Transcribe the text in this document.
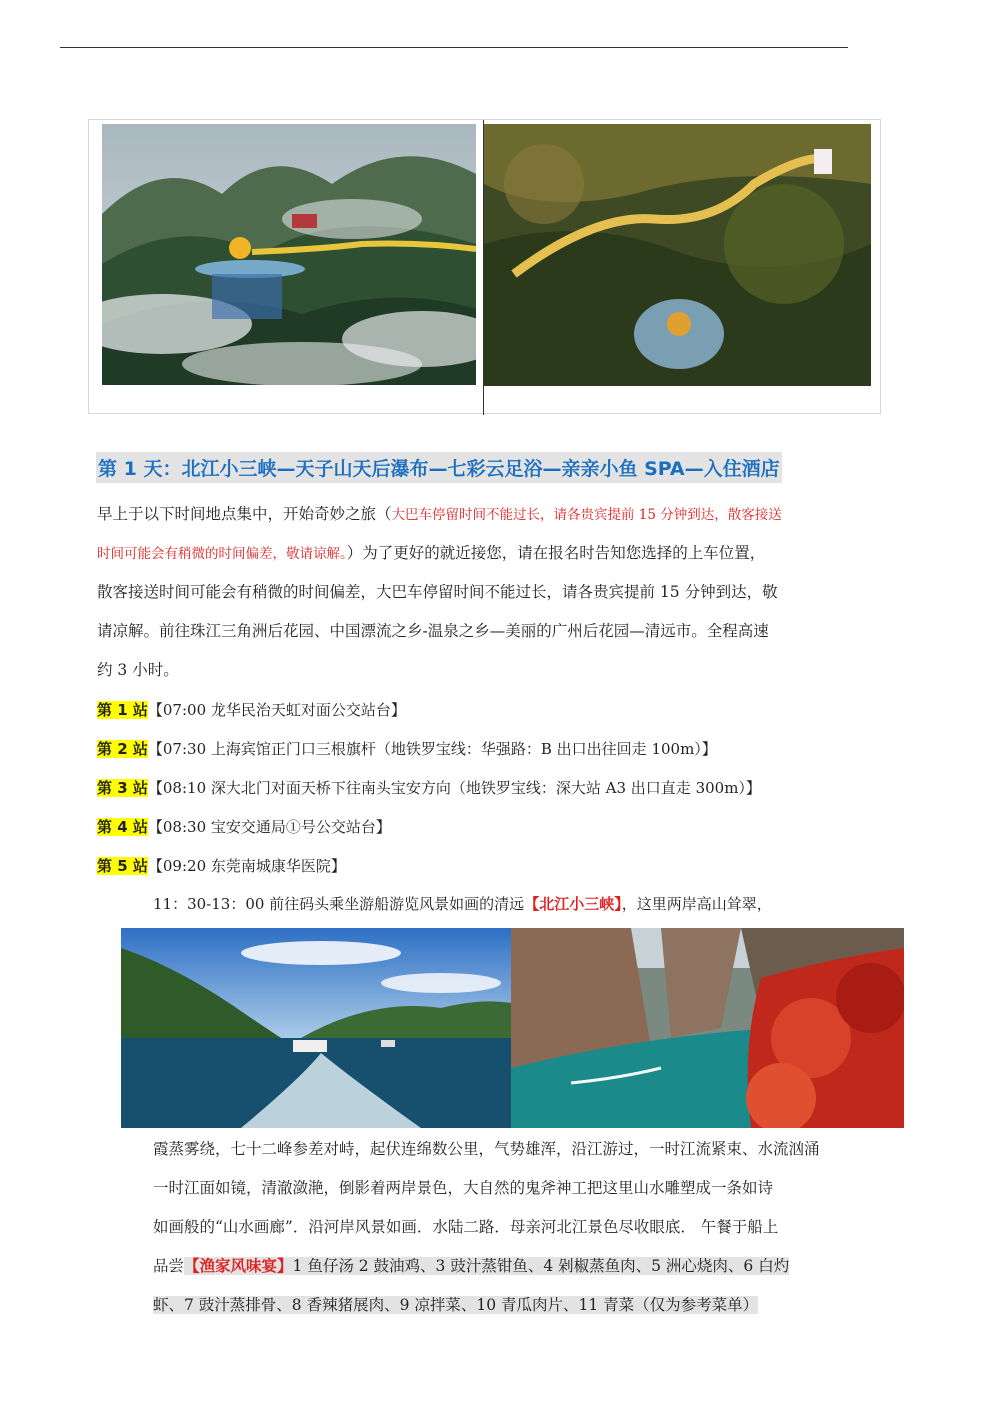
第 1 天：北江小三峡—天子山天后瀑布—七彩云足浴—亲亲小鱼 SPA—入住酒店
早上于以下时间地点集中，开始奇妙之旅（大巴车停留时间不能过长，请各贵宾提前 15 分钟到达，散客接送
时间可能会有稍微的时间偏差，敬请谅解。）为了更好的就近接您，请在报名时告知您选择的上车位置，
散客接送时间可能会有稍微的时间偏差，大巴车停留时间不能过长，请各贵宾提前 15 分钟到达，敬
请凉解。前往珠江三角洲后花园、中国漂流之乡-温泉之乡—美丽的广州后花园—清远市。全程高速
约 3 小时。
第 1 站【07:00 龙华民治天虹对面公交站台】
第 2 站【07:30 上海宾馆正门口三根旗杆（地铁罗宝线：华强路：B 出口出往回走 100m）】
第 3 站【08:10 深大北门对面天桥下往南头宝安方向（地铁罗宝线：深大站 A3 出口直走 300m）】
第 4 站【08:30 宝安交通局①号公交站台】
第 5 站【09:20 东莞南城康华医院】
11：30-13：00 前往码头乘坐游船游览风景如画的清远【北江小三峡】，这里两岸高山耸翠，
霞蒸雾绕，七十二峰参差对峙，起伏连绵数公里，气势雄浑，沿江游过，一时江流紧束、水流汹涌
一时江面如镜，清澈潋滟，倒影着两岸景色，大自然的鬼斧神工把这里山水雕塑成一条如诗
如画般的“山水画廊”．沿河岸风景如画．水陆二路．母亲河北江景色尽收眼底． 午餐于船上
品尝【渔家风味宴】1 鱼仔汤 2 鼓油鸡、3 豉汁蒸钳鱼、4 剁椒蒸鱼肉、5 洲心烧肉、6 白灼
虾、7 豉汁蒸排骨、8 香辣猪展肉、9 凉拌菜、10 青瓜肉片、11 青菜（仅为参考菜单）
